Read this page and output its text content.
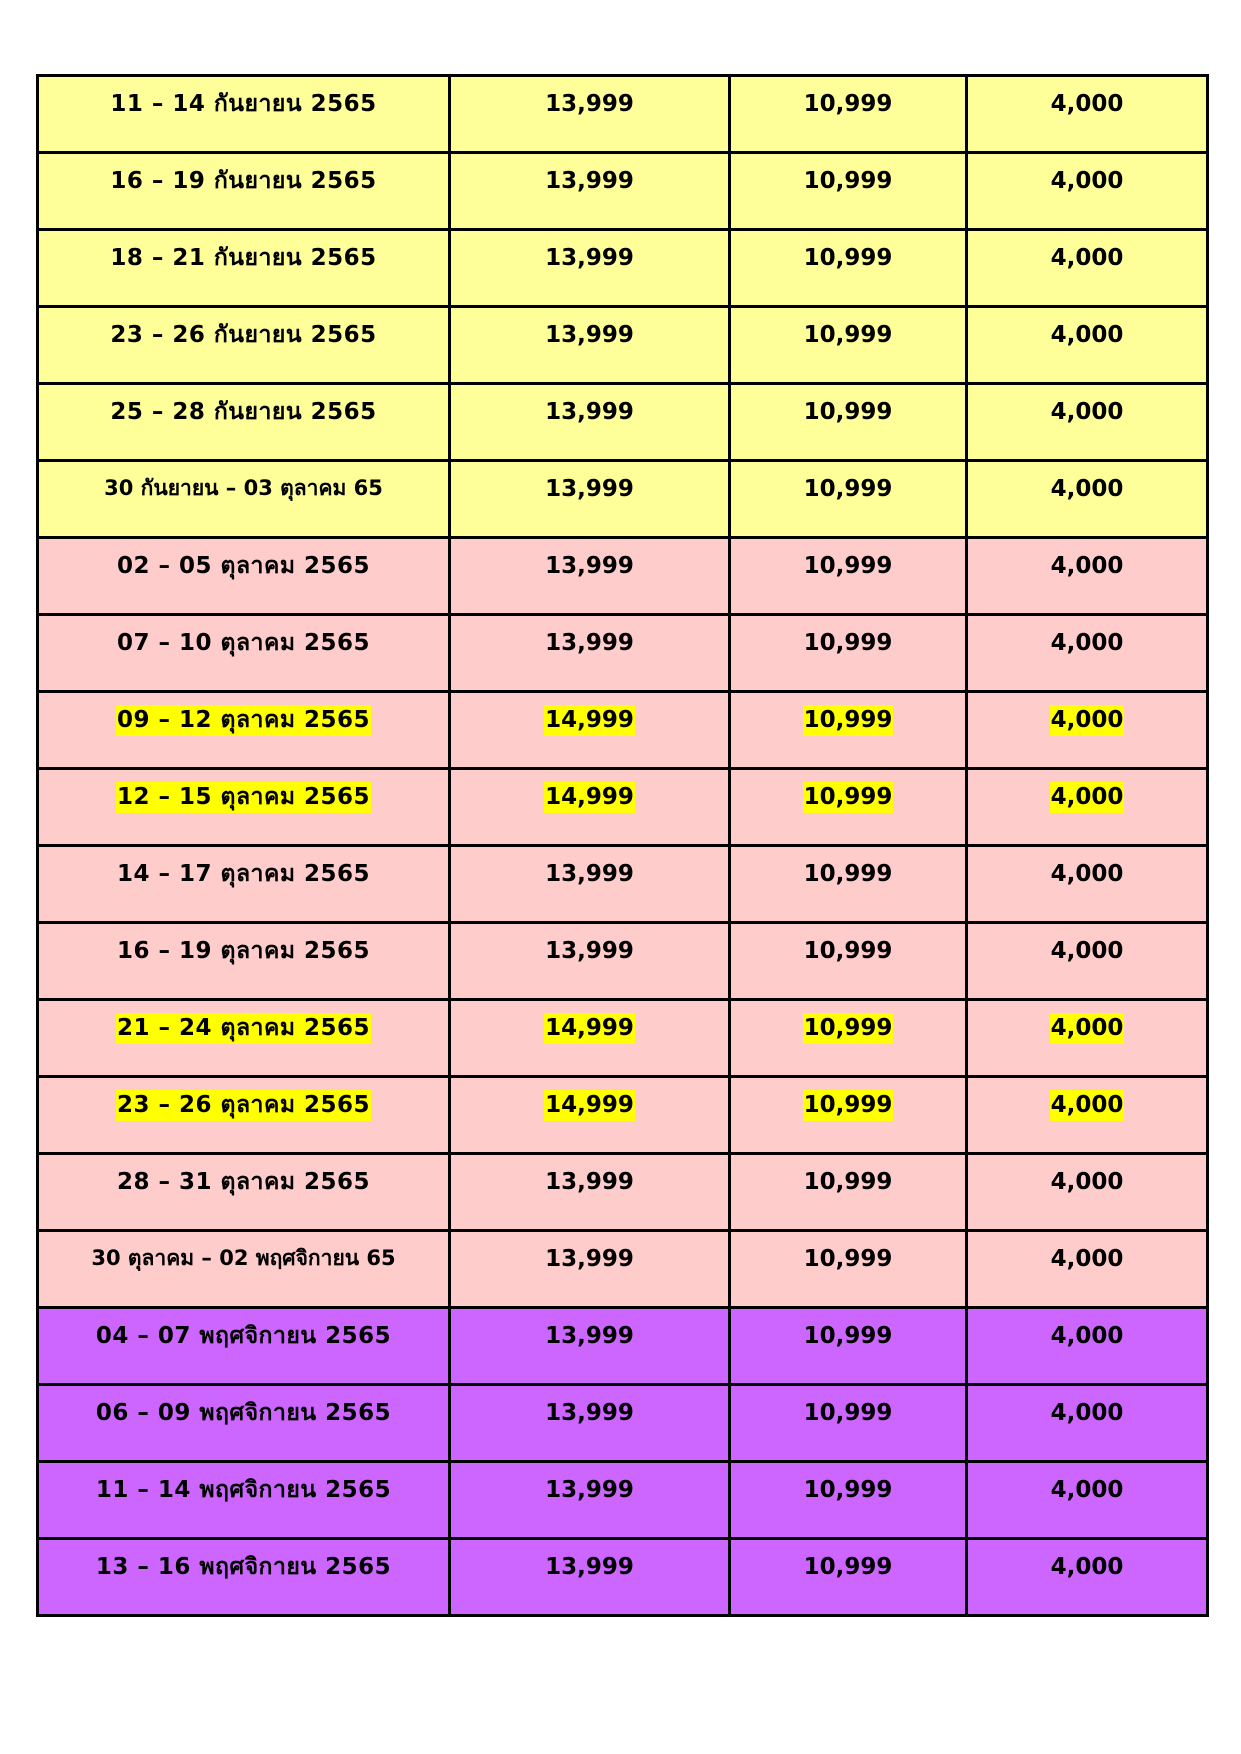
11 – 14 กันยายน 2565	13,999	10,999	4,000
16 – 19 กันยายน 2565	13,999	10,999	4,000
18 – 21 กันยายน 2565	13,999	10,999	4,000
23 – 26 กันยายน 2565	13,999	10,999	4,000
25 – 28 กันยายน 2565	13,999	10,999	4,000
30 กันยายน – 03 ตุลาคม 65	13,999	10,999	4,000
02 – 05 ตุลาคม 2565	13,999	10,999	4,000
07 – 10 ตุลาคม 2565	13,999	10,999	4,000
09 – 12 ตุลาคม 2565	14,999	10,999	4,000
12 – 15 ตุลาคม 2565	14,999	10,999	4,000
14 – 17 ตุลาคม 2565	13,999	10,999	4,000
16 – 19 ตุลาคม 2565	13,999	10,999	4,000
21 – 24 ตุลาคม 2565	14,999	10,999	4,000
23 – 26 ตุลาคม 2565	14,999	10,999	4,000
28 – 31 ตุลาคม 2565	13,999	10,999	4,000
30 ตุลาคม – 02 พฤศจิกายน 65	13,999	10,999	4,000
04 – 07 พฤศจิกายน 2565	13,999	10,999	4,000
06 – 09 พฤศจิกายน 2565	13,999	10,999	4,000
11 – 14 พฤศจิกายน 2565	13,999	10,999	4,000
13 – 16 พฤศจิกายน 2565	13,999	10,999	4,000
